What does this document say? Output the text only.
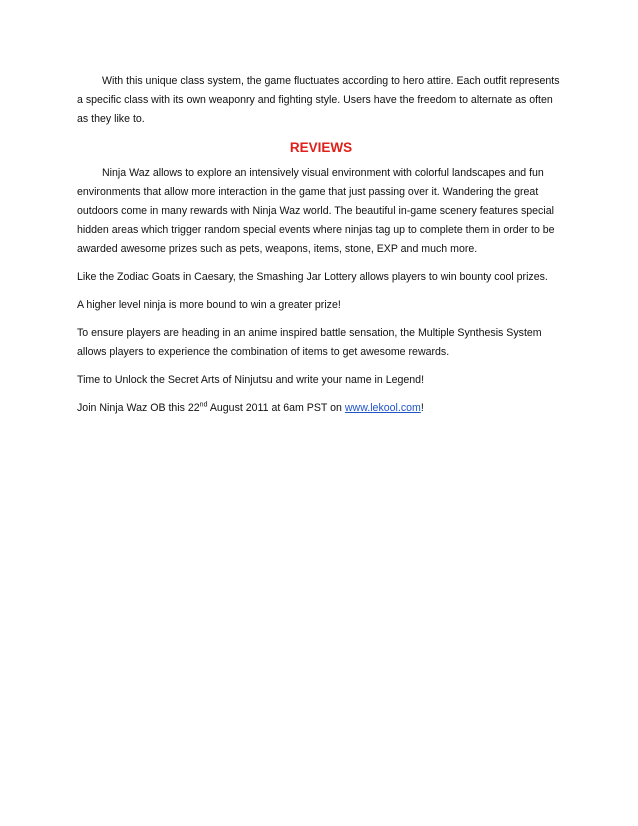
With this unique class system, the game fluctuates according to hero attire. Each outfit represents a specific class with its own weaponry and fighting style. Users have the freedom to alternate as often as they like to.

REVIEWS

Ninja Waz allows to explore an intensively visual environment with colorful landscapes and fun environments that allow more interaction in the game that just passing over it. Wandering the great outdoors come in many rewards with Ninja Waz world. The beautiful in-game scenery features special hidden areas which trigger random special events where ninjas tag up to complete them in order to be awarded awesome prizes such as pets, weapons, items, stone, EXP and much more.

Like the Zodiac Goats in Caesary, the Smashing Jar Lottery allows players to win bounty cool prizes.

A higher level ninja is more bound to win a greater prize!

To ensure players are heading in an anime inspired battle sensation, the Multiple Synthesis System allows players to experience the combination of items to get awesome rewards.

Time to Unlock the Secret Arts of Ninjutsu and write your name in Legend!

Join Ninja Waz OB this 22nd August 2011 at 6am PST on www.lekool.com!
